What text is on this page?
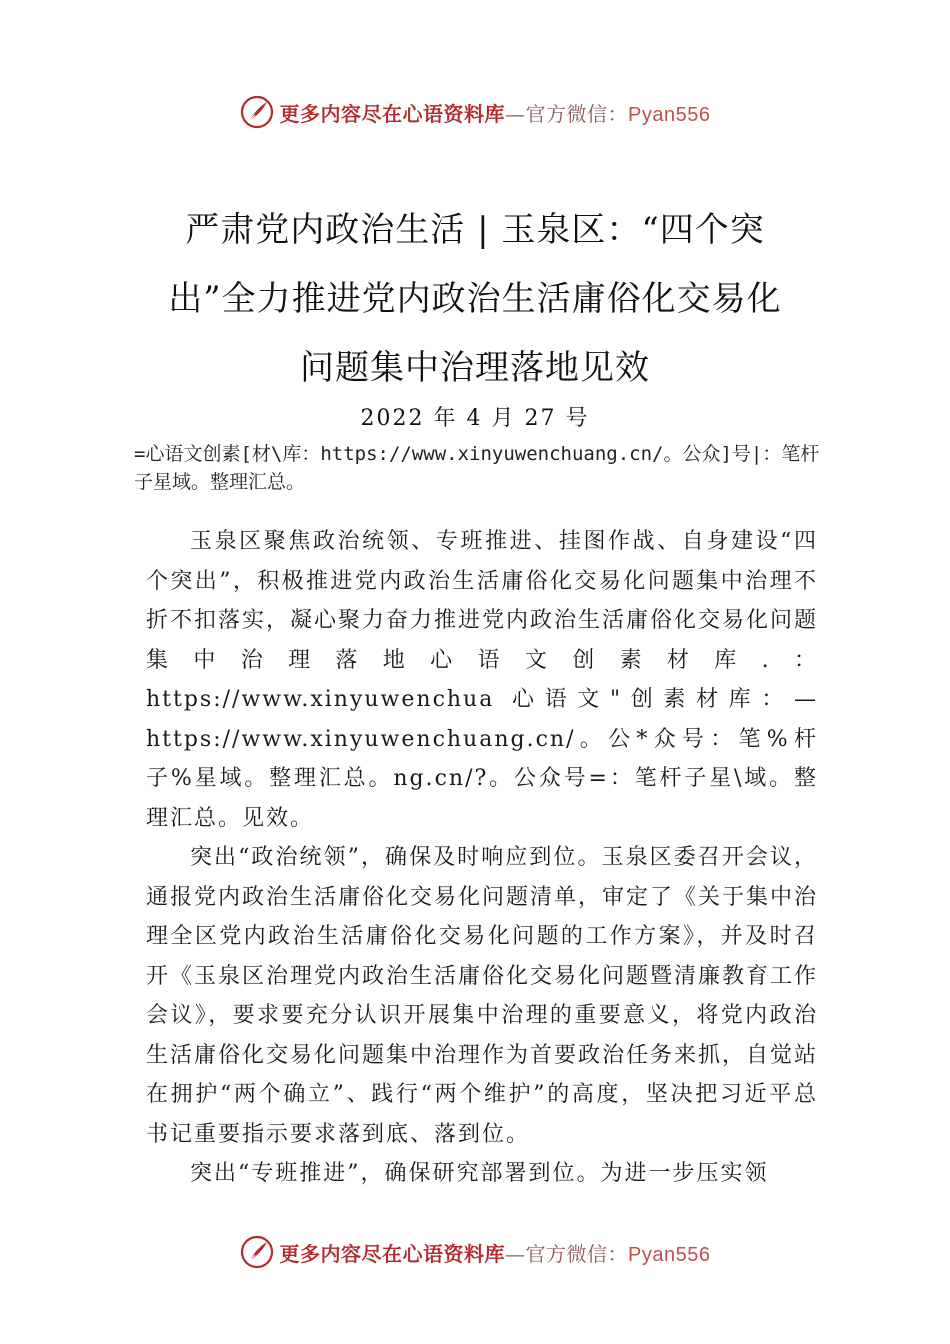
更多内容尽在心语资料库—官方微信：Pyan556
严肃党内政治生活 | 玉泉区：“四个突
出”全力推进党内政治生活庸俗化交易化
问题集中治理落地见效
2022 年 4 月 27 号
=心语文创素[材\库：https://www.xinyuwenchuang.cn/。公众]号|：笔杆子星域。整理汇总。

玉泉区聚焦政治统领、专班推进、挂图作战、自身建设“四个突出”，积极推进党内政治生活庸俗化交易化问题集中治理不折不扣落实，凝心聚力奋力推进党内政治生活庸俗化交易化问题集中治理落地心语文创素材库.：https://www.xinyuwenchua 心语文"创素材库：—https://www.xinyuwenchuang.cn/。公*众号：笔%杆子%星域。整理汇总。ng.cn/?。公众号=：笔杆子星\域。整理汇总。见效。

突出“政治统领”，确保及时响应到位。玉泉区委召开会议，通报党内政治生活庸俗化交易化问题清单，审定了《关于集中治理全区党内政治生活庸俗化交易化问题的工作方案》，并及时召开《玉泉区治理党内政治生活庸俗化交易化问题暨清廉教育工作会议》，要求要充分认识开展集中治理的重要意义，将党内政治生活庸俗化交易化问题集中治理作为首要政治任务来抓，自觉站在拥护“两个确立”、践行“两个维护”的高度，坚决把习近平总书记重要指示要求落到底、落到位。

突出“专班推进”，确保研究部署到位。为进一步压实领

更多内容尽在心语资料库—官方微信：Pyan556
